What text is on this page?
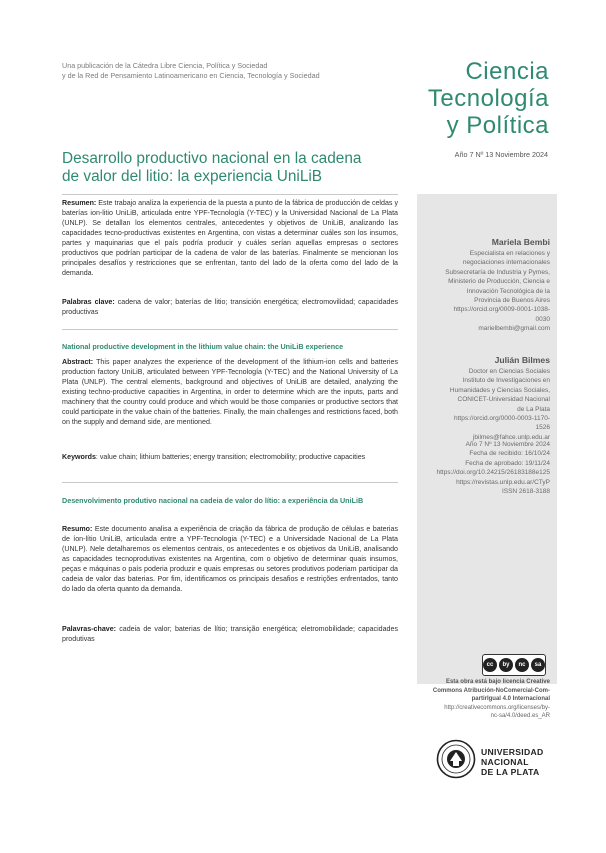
Una publicación de la Cátedra Libre Ciencia, Política y Sociedad
y de la Red de Pensamiento Latinoamericano en Ciencia, Tecnología y Sociedad	Ciencia
Tecnología
y Política
Año 7 Nº 13 Noviembre 2024
Desarrollo productivo nacional en la cadena
de valor del litio: la experiencia UniLiB
Resumen: Este trabajo analiza la experiencia de la puesta a punto de la fábrica de producción de celdas y baterías ion-litio UniLiB, articulada entre YPF-Tecnología (Y-TEC) y la Universidad Nacional de La Plata (UNLP). Se detallan los elementos centrales, antecedentes y objetivos de UniLiB, analizando las capacidades tecno-productivas existentes en Argentina, con vistas a determinar cuáles son los insumos, partes y maquinarias que el país podría producir y cuáles serían aquellas empresas o sectores productivos que podrían participar de la cadena de valor de las baterías. Finalmente se mencionan los principales desafíos y restricciones que se enfrentan, tanto del lado de la oferta como del lado de la demanda.
Palabras clave: cadena de valor; baterías de litio; transición energética; electromovilidad; capacidades productivas
National productive development in the lithium value chain: the UniLiB experience
Abstract: This paper analyzes the experience of the development of the lithium-ion cells and batteries production factory UniLiB, articulated between YPF-Tecnología (Y-TEC) and the National University of La Plata (UNLP). The central elements, background and objectives of UniLiB are detailed, analyzing the existing techno-productive capacities in Argentina, in order to determine which are the inputs, parts and machinery that the country could produce and which would be those companies or productive sectors that could participate in the value chain of the batteries. Finally, the main challenges and restrictions faced, both on the supply and demand side, are mentioned.
Keywords: value chain; lithium batteries; energy transition; electromobility; productive capacities
Desenvolvimento produtivo nacional na cadeia de valor do lítio: a experiência da UniLiB
Resumo: Este documento analisa a experiência de criação da fábrica de produção de células e baterias de íon-lítio UniLiB, articulada entre a YPF-Tecnologia (Y-TEC) e a Universidade Nacional de La Plata (UNLP). Nele detalharemos os elementos centrais, os antecedentes e os objetivos da UniLiB, analisando as capacidades tecnoprodutivas existentes na Argentina, com o objetivo de determinar quais insumos, peças e máquinas o país poderia produzir e quais empresas ou setores produtivos poderiam participar da cadeia de valor das baterias. Por fim, identificamos os principais desafios e restrições enfrentados, tanto do lado da oferta quanto da demanda.
Palavras-chave: cadeia de valor; baterias de lítio; transição energética; eletromobilidade; capacidades produtivas
Mariela Bembi
Especialista en relaciones y
negociaciones internacionales
Subsecretaría de Industria y Pymes,
Ministerio de Producción, Ciencia e
Innovación Tecnológica de la
Provincia de Buenos Aires
https://orcid.org/0009-0001-1038-
0030
marielbembi@gmail.com
Julián Bilmes
Doctor en Ciencias Sociales
Instituto de Investigaciones en
Humanidades y Ciencias Sociales,
CONICET-Universidad Nacional
de La Plata
https://orcid.org/0000-0003-1170-
1526
jbilmes@fahce.unlp.edu.ar
Año 7 Nº 13 Noviembre 2024
Fecha de recibido: 16/10/24
Fecha de aprobado: 19/11/24
https://doi.org/10.24215/26183188e125
https://revistas.unlp.edu.ar/CTyP
ISSN 2618-3188
cc	by	nc	sa
Esta obra está bajo licencia Creative
Commons Atribución-NoComercial-Com-
partirIgual 4.0 Internacional
http://creativecommons.org/licenses/by-
nc-sa/4.0/deed.es_AR
UNIVERSIDAD
NACIONAL
DE LA PLATA
